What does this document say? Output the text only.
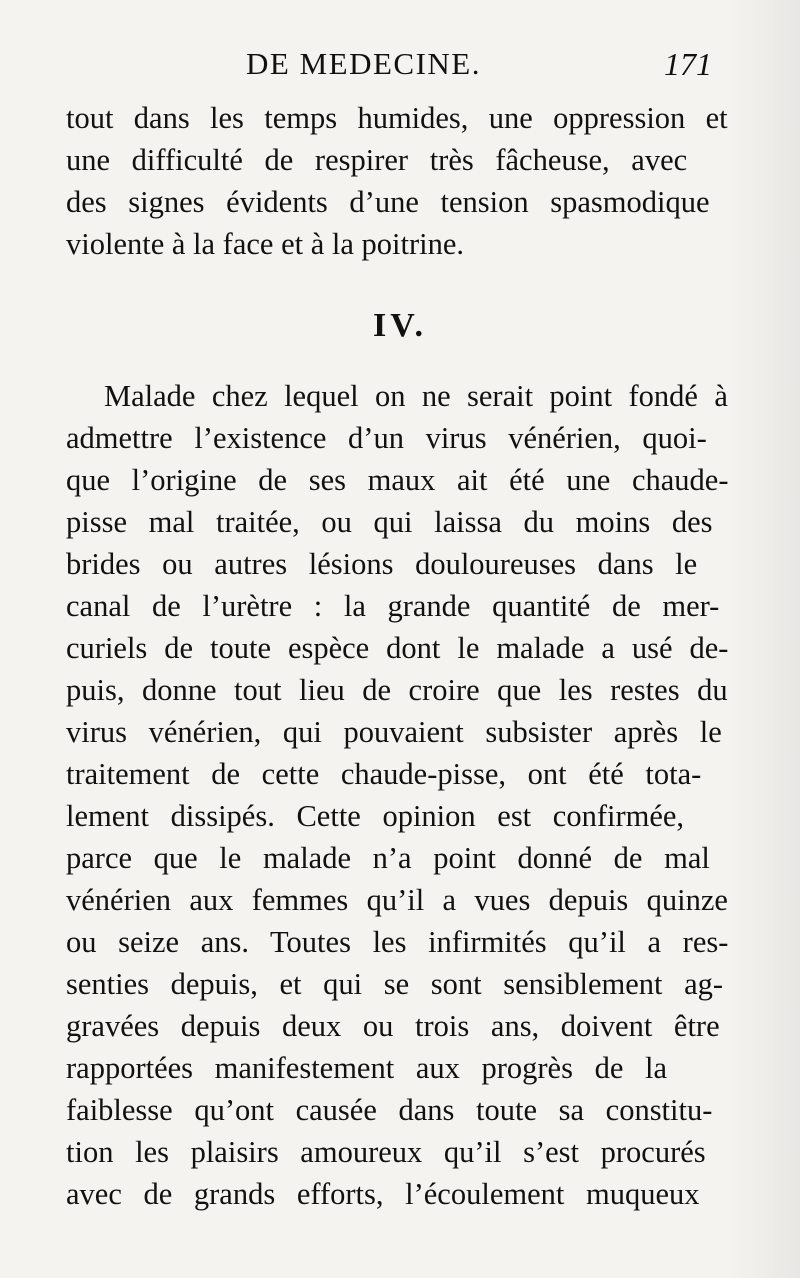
DE MEDECINE.	171
tout dans les temps humides, une oppression et
une difficulté de respirer très fâcheuse, avec
des signes évidents d’une tension spasmodique
violente à la face et à la poitrine.
IV.
Malade chez lequel on ne serait point fondé à
admettre l’existence d’un virus vénérien, quoi-
que l’origine de ses maux ait été une chaude-
pisse mal traitée, ou qui laissa du moins des
brides ou autres lésions douloureuses dans le
canal de l’urètre : la grande quantité de mer-
curiels de toute espèce dont le malade a usé de-
puis, donne tout lieu de croire que les restes du
virus vénérien, qui pouvaient subsister après le
traitement de cette chaude-pisse, ont été tota-
lement dissipés. Cette opinion est confirmée,
parce que le malade n’a point donné de mal
vénérien aux femmes qu’il a vues depuis quinze
ou seize ans. Toutes les infirmités qu’il a res-
senties depuis, et qui se sont sensiblement ag-
gravées depuis deux ou trois ans, doivent être
rapportées manifestement aux progrès de la
faiblesse qu’ont causée dans toute sa constitu-
tion les plaisirs amoureux qu’il s’est procurés
avec de grands efforts, l’écoulement muqueux
